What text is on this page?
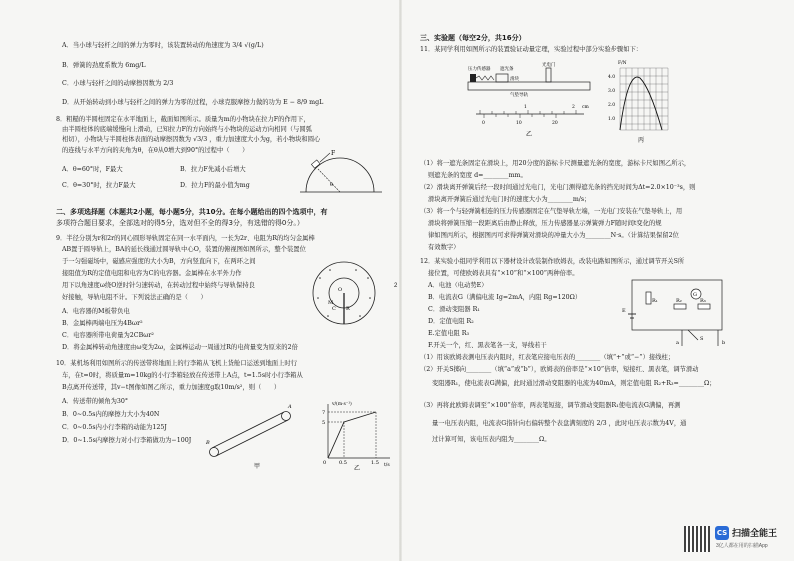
A．当小球与轻杆之间的弹力为零时，该装置转动的角速度为 3/4 √(g/L)
B．弹簧的劲度系数为 6mg/L
C．小球与轻杆之间的动摩擦因数为 2/3
D．从开始转动到小球与轻杆之间的弹力为零的过程，小球克服摩擦力做的功为 E − 8/9 mgL
8．粗糙的半圆柱固定在水平地面上，截面如图所示。质量为m的小物块在拉力F的作用下，
由半圆柱体的底端缓慢向上滑动，已知拉力F的方向始终与小物块的运动方向相同（与圆弧
相切），小物块与半圆柱体表面的动摩擦因数为 √3/3 ，重力加速度大小为g，若小物块和圆心
的连线与水平方向的夹角为θ，在θ从0增大到90°的过程中（　　）
A．θ=60°时，F最大	B．拉力F先减小后增大
C．θ=30°时，拉力F最大	D．拉力F的最小值为mg
F
θ
二、多项选择题（本题共2小题，每小题5分，共10分。在每小题给出的四个选项中，有
多项符合题目要求，全部选对的得5分，选对但不全的得3分，有选错的得0分。）
9．半径分别为r和2r的同心圆形导轨固定在同一水平面内，一长为2r、电阻为R的均匀金属棒
AB置于圆导轨上，BA的延长线通过圆导轨中心O，装置的俯视图如图所示，整个装置位
于一匀强磁场中，磁感应强度的大小为B，方向竖直向下，在两环之间
接阻值为R的定值电阻和电容为C的电容器。金属棒在水平外力作
用下以角速度ω绕O逆时针匀速转动，在转动过程中始终与导轨保持良
好接触，导轨电阻不计。下列说法正确的是（　　）
A．电容器的M板带负电
B．金属棒两端电压为4Bωr²
C．电容器所带电荷量为2CBωr²
D．将金属棒转动角速度由ω变为2ω，金属棒运动一周通过R的电荷量变为原来的2倍
O
R
C
M
10．某机场利用如图所示的传送带将地面上的行李箱从飞机上货舱口运送到地面上时行
车，在t=0时，将质量m=10kg的小行李箱轻放在传送带上A点，t=1.5s时小行李箱从
B点离开传送带，其v−t图像如图乙所示，重力加速度g取10m/s²，则（　　）
A．传送带的倾角为30°
B．0~0.5s内的摩擦力大小为40N
C．0~0.5s内小行李箱的动能为125J
D．0~1.5s内摩擦力对小行李箱做功为−100J
A
B
甲
v/(m·s⁻¹)
t/s
7
5
0	0.5	1.5
乙
2
三、实验题（每空2分，共16分）
11．某同学利用如图所示的装置验证动量定理，实验过程中部分实验步骤如下：
压力传感器 遮光条
光电门
滑块
气垫导轨
1	2 cm
0	10	20
乙
F/N
4.0
3.0
2.0
1.0
丙
（1）将一遮光条固定在滑块上，用20分度的游标卡尺测量遮光条的宽度，游标卡尺如图乙所示，
则遮光条的宽度 d=________mm。
（2）滑块离开弹簧后经一段时间通过光电门，光电门测得遮光条的挡光时间为Δt=2.0×10⁻³s，则
滑块离开弹簧后通过光电门时的速度大小为________m/s；
（3）将一个与轻弹簧相连的压力传感器固定在气垫导轨左端，一光电门安装在气垫导轨上，用
滑块将弹簧压缩一段距离后由静止释放，压力传感器显示弹簧弹力F随时间t变化的规
律如图丙所示，根据图丙可求得弹簧对滑块的冲量大小为________N·s。（计算结果保留2位
有效数字）
12．某实验小组同学利用以下器材设计改装制作欧姆表，改装电路如图所示，通过调节开关S所
接位置，可使欧姆表具有“×10”和“×100”两种倍率。
A．电池（电动势E）
B．电流表G（满偏电流 Ig=2mA，内阻 Rg=120Ω）
C．滑动变阻器 R₁
D．定值电阻 R₂
E.定值电阻 R₃
F.开关一个，红、黑表笔各一支，导线若干
（1）用该欧姆表测电压表内阻时，红表笔应接电压表的________（填“+”或“−”）接线柱；
（2）开关S掷向________（填“a”或“b”），欧姆表的倍率是“×10”倍率，短接红、黑表笔，调节滑动
变阻器R₁，使电流表G满偏，此时通过滑动变阻器的电流为40mA，则定值电阻 R₂+R₃=________Ω；
（3）再将此欧姆表调至“×100”倍率，两表笔短接，调节滑动变阻器R₁使电流表G满偏，再测
量一电压表内阻，电流表G指针向右偏转整个表盘满刻度的 2/3 ，此时电压表示数为4V，通
过计算可知，该电压表内阻为________Ω。
G
R₂	R₃
R₁
E
S
a	b
CS 扫描全能王
3亿人都在用的扫描App
